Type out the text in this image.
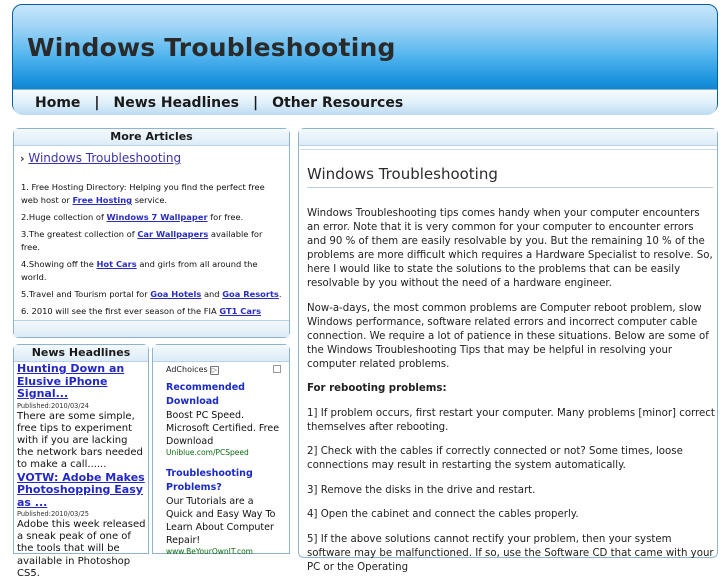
Windows Troubleshooting
Home | News Headlines | Other Resources
More Articles
› Windows Troubleshooting

1. Free Hosting Directory: Helping you find the perfect free web host or Free Hosting service.

2.Huge collection of Windows 7 Wallpaper for free.

3.The greatest collection of Car Wallpapers available for free.

4.Showing off the Hot Cars and girls from all around the world.

5.Travel and Tourism portal for Goa Hotels and Goa Resorts.

6. 2010 will see the first ever season of the FIA GT1 Cars

News Headlines
Hunting Down an Elusive iPhone Signal...
Published:2010/03/24
There are some simple, free tips to experiment with if you are lacking the network bars needed to make a call......
VOTW: Adobe Makes Photoshopping Easy as ...
Published:2010/03/25
Adobe this week released a sneak peak of one of the tools that will be available in Photoshop CS5.
AdChoices ▷
Recommended Download
Boost PC Speed. Microsoft Certified. Free Download
Uniblue.com/PCSpeed
Troubleshooting Problems?
Our Tutorials are a Quick and Easy Way To Learn About Computer Repair!
www.BeYourOwnIT.com
Windows Troubleshooting

Windows Troubleshooting tips comes handy when your computer encounters an error. Note that it is very common for your computer to encounter errors and 90 % of them are easily resolvable by you. But the remaining 10 % of the problems are more difficult which requires a Hardware Specialist to resolve. So, here I would like to state the solutions to the problems that can be easily resolvable by you without the need of a hardware engineer.

Now-a-days, the most common problems are Computer reboot problem, slow Windows performance, software related errors and incorrect computer cable connection. We require a lot of patience in these situations. Below are some of the Windows Troubleshooting Tips that may be helpful in resolving your computer related problems.

For rebooting problems:

1] If problem occurs, first restart your computer. Many problems [minor] correct themselves after rebooting.

2] Check with the cables if correctly connected or not? Some times, loose connections may result in restarting the system automatically.

3] Remove the disks in the drive and restart.

4] Open the cabinet and connect the cables properly.

5] If the above solutions cannot rectify your problem, then your system software may be malfunctioned. If so, use the Software CD that came with your PC or the Operating
